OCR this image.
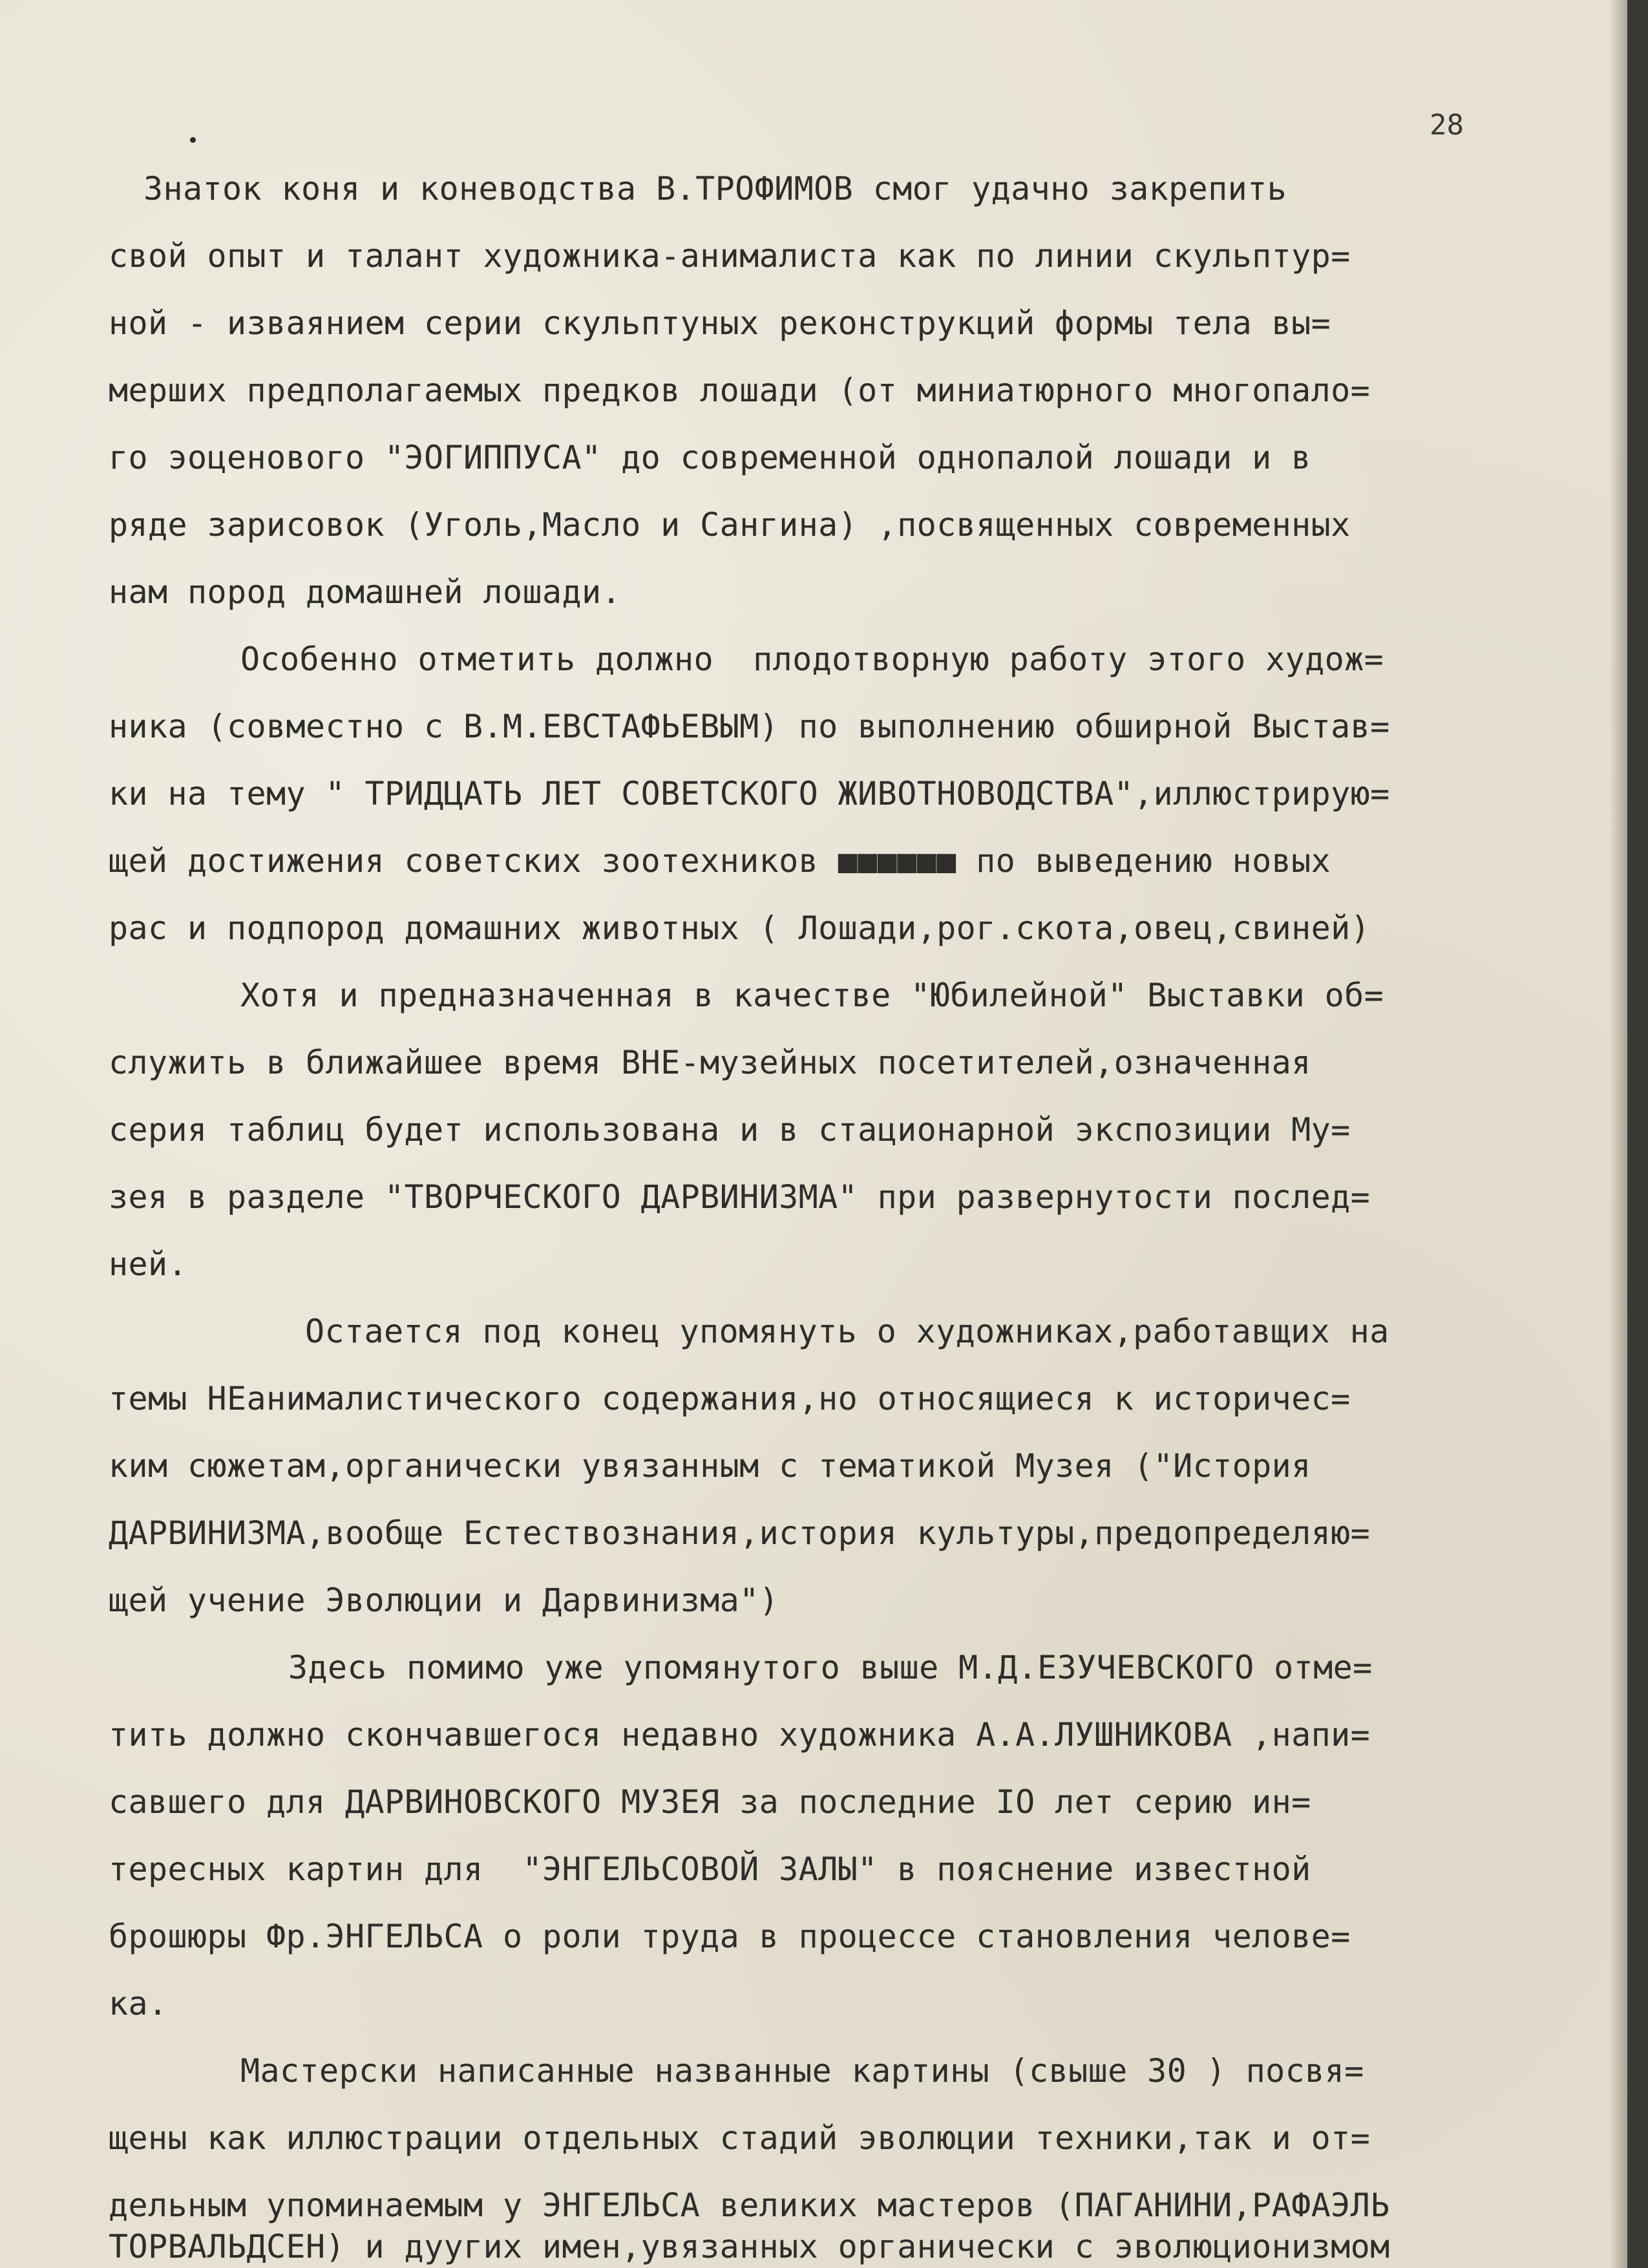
28
Знаток коня и коневодства В.ТРОФИМОВ смог удачно закрепить
свой опыт и талант художника-анималиста как по линии скульптур=
ной - изваянием серии скульптуных реконструкций формы тела вы=
мерших предполагаемых предков лошади (от миниатюрного многопало=
го эоценового "ЭОГИППУСА" до современной однопалой лошади и в
ряде зарисовок (Уголь,Масло и Сангина) ,посвященных современных
нам пород домашней лошади.
Особенно отметить должно  плодотворную работу этого худож=
ника (совместно с В.М.ЕВСТАФЬЕВЫМ) по выполнению обширной Выстав=
ки на тему " ТРИДЦАТЬ ЛЕТ СОВЕТСКОГО ЖИВОТНОВОДСТВА",иллюстрирую=
щей достижения советских зоотехников ■■■■■■ по выведению новых
рас и подпород домашних животных ( Лошади,рог.скота,овец,свиней)
Хотя и предназначенная в качестве "Юбилейной" Выставки об=
служить в ближайшее время ВНЕ-музейных посетителей,означенная
серия таблиц будет использована и в стационарной экспозиции Му=
зея в разделе "ТВОРЧЕСКОГО ДАРВИНИЗМА" при развернутости послед=
ней.
Остается под конец упомянуть о художниках,работавщих на
темы НЕанималистического содержания,но относящиеся к историчес=
ким сюжетам,органически увязанным с тематикой Музея ("История
ДАРВИНИЗМА,вообще Естествознания,история культуры,предопределяю=
щей учение Эволюции и Дарвинизма")
Здесь помимо уже упомянутого выше М.Д.ЕЗУЧЕВСКОГО отме=
тить должно скончавшегося недавно художника А.А.ЛУШНИКОВА ,напи=
савшего для ДАРВИНОВСКОГО МУЗЕЯ за последние IO лет серию ин=
тересных картин для  "ЭНГЕЛЬСОВОЙ ЗАЛЫ" в пояснение известной
брошюры Фр.ЭНГЕЛЬСА о роли труда в процессе становления челове=
ка.
Мастерски написанные названные картины (свыше 30 ) посвя=
щены как иллюстрации отдельных стадий эволюции техники,так и от=
дельным упоминаемым у ЭНГЕЛЬСА великих мастеров (ПАГАНИНИ,РАФАЭЛЬ
ТОРВАЛЬДСЕН) и дуугих имен,увязанных органически с эволюционизмом
